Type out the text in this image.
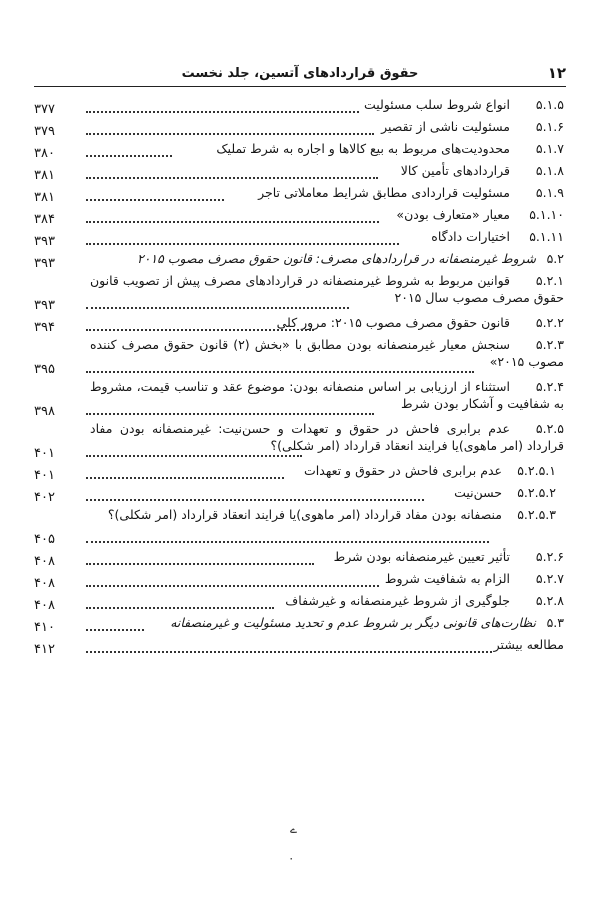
۱۲
حقوق قراردادهای آتسین، جلد نخست
۵.۱.۵انواع شروط سلب مسئولیت
۳۷۷
۵.۱.۶مسئولیت ناشی از تقصیر
۳۷۹
۵.۱.۷محدودیت‌های مربوط به بیع کالاها و اجاره به شرط تملیک
۳۸۰
۵.۱.۸قراردادهای تأمین کالا
۳۸۱
۵.۱.۹مسئولیت قراردادی مطابق شرایط معاملاتی تاجر
۳۸۱
۵.۱.۱۰معیار «متعارف بودن»
۳۸۴
۵.۱.۱۱اختیارات دادگاه
۳۹۳
۵.۲شروط غیرمنصفانه در قراردادهای مصرف: قانون حقوق مصرف مصوب ۲۰۱۵
۳۹۳
۵.۲.۱قوانین مربوط به شروط غیرمنصفانه در قراردادهای مصرف پیش از تصویب قانون حقوق مصرف مصوب سال ۲۰۱۵
۳۹۳
۵.۲.۲قانون حقوق مصرف مصوب ۲۰۱۵: مرور کلی
۳۹۴
۵.۲.۳سنجش معیار غیرمنصفانه بودن مطابق با «بخش (۲) قانون حقوق مصرف کننده مصوب ۲۰۱۵»
۳۹۵
۵.۲.۴استثناء از ارزیابی بر اساس منصفانه بودن: موضوع عقد و تناسب قیمت، مشروط به شفافیت و آشکار بودن شرط
۳۹۸
۵.۲.۵عدم برابری فاحش در حقوق و تعهدات و حسن‌نیت: غیرمنصفانه بودن مفاد قرارداد (امر ماهوی)یا فرایند انعقاد قرارداد (امر شکلی)؟
۴۰۱
۵.۲.۵.۱عدم برابری فاحش در حقوق و تعهدات
۴۰۱
۵.۲.۵.۲حسن‌نیت
۴۰۲
۵.۲.۵.۳منصفانه بودن مفاد قرارداد (امر ماهوی)یا فرایند انعقاد قرارداد (امر شکلی)؟
۴۰۵
۵.۲.۶تأثیر تعیین غیرمنصفانه بودن شرط
۴۰۸
۵.۲.۷الزام به شفافیت شروط
۴۰۸
۵.۲.۸جلوگیری از شروط غیرمنصفانه و غیرشفاف
۴۰۸
۵.۳نظارت‌های قانونی دیگر بر شروط عدم و تحدید مسئولیت و غیرمنصفانه
۴۱۰
مطالعه بیشتر
۴۱۲
ے
٠
